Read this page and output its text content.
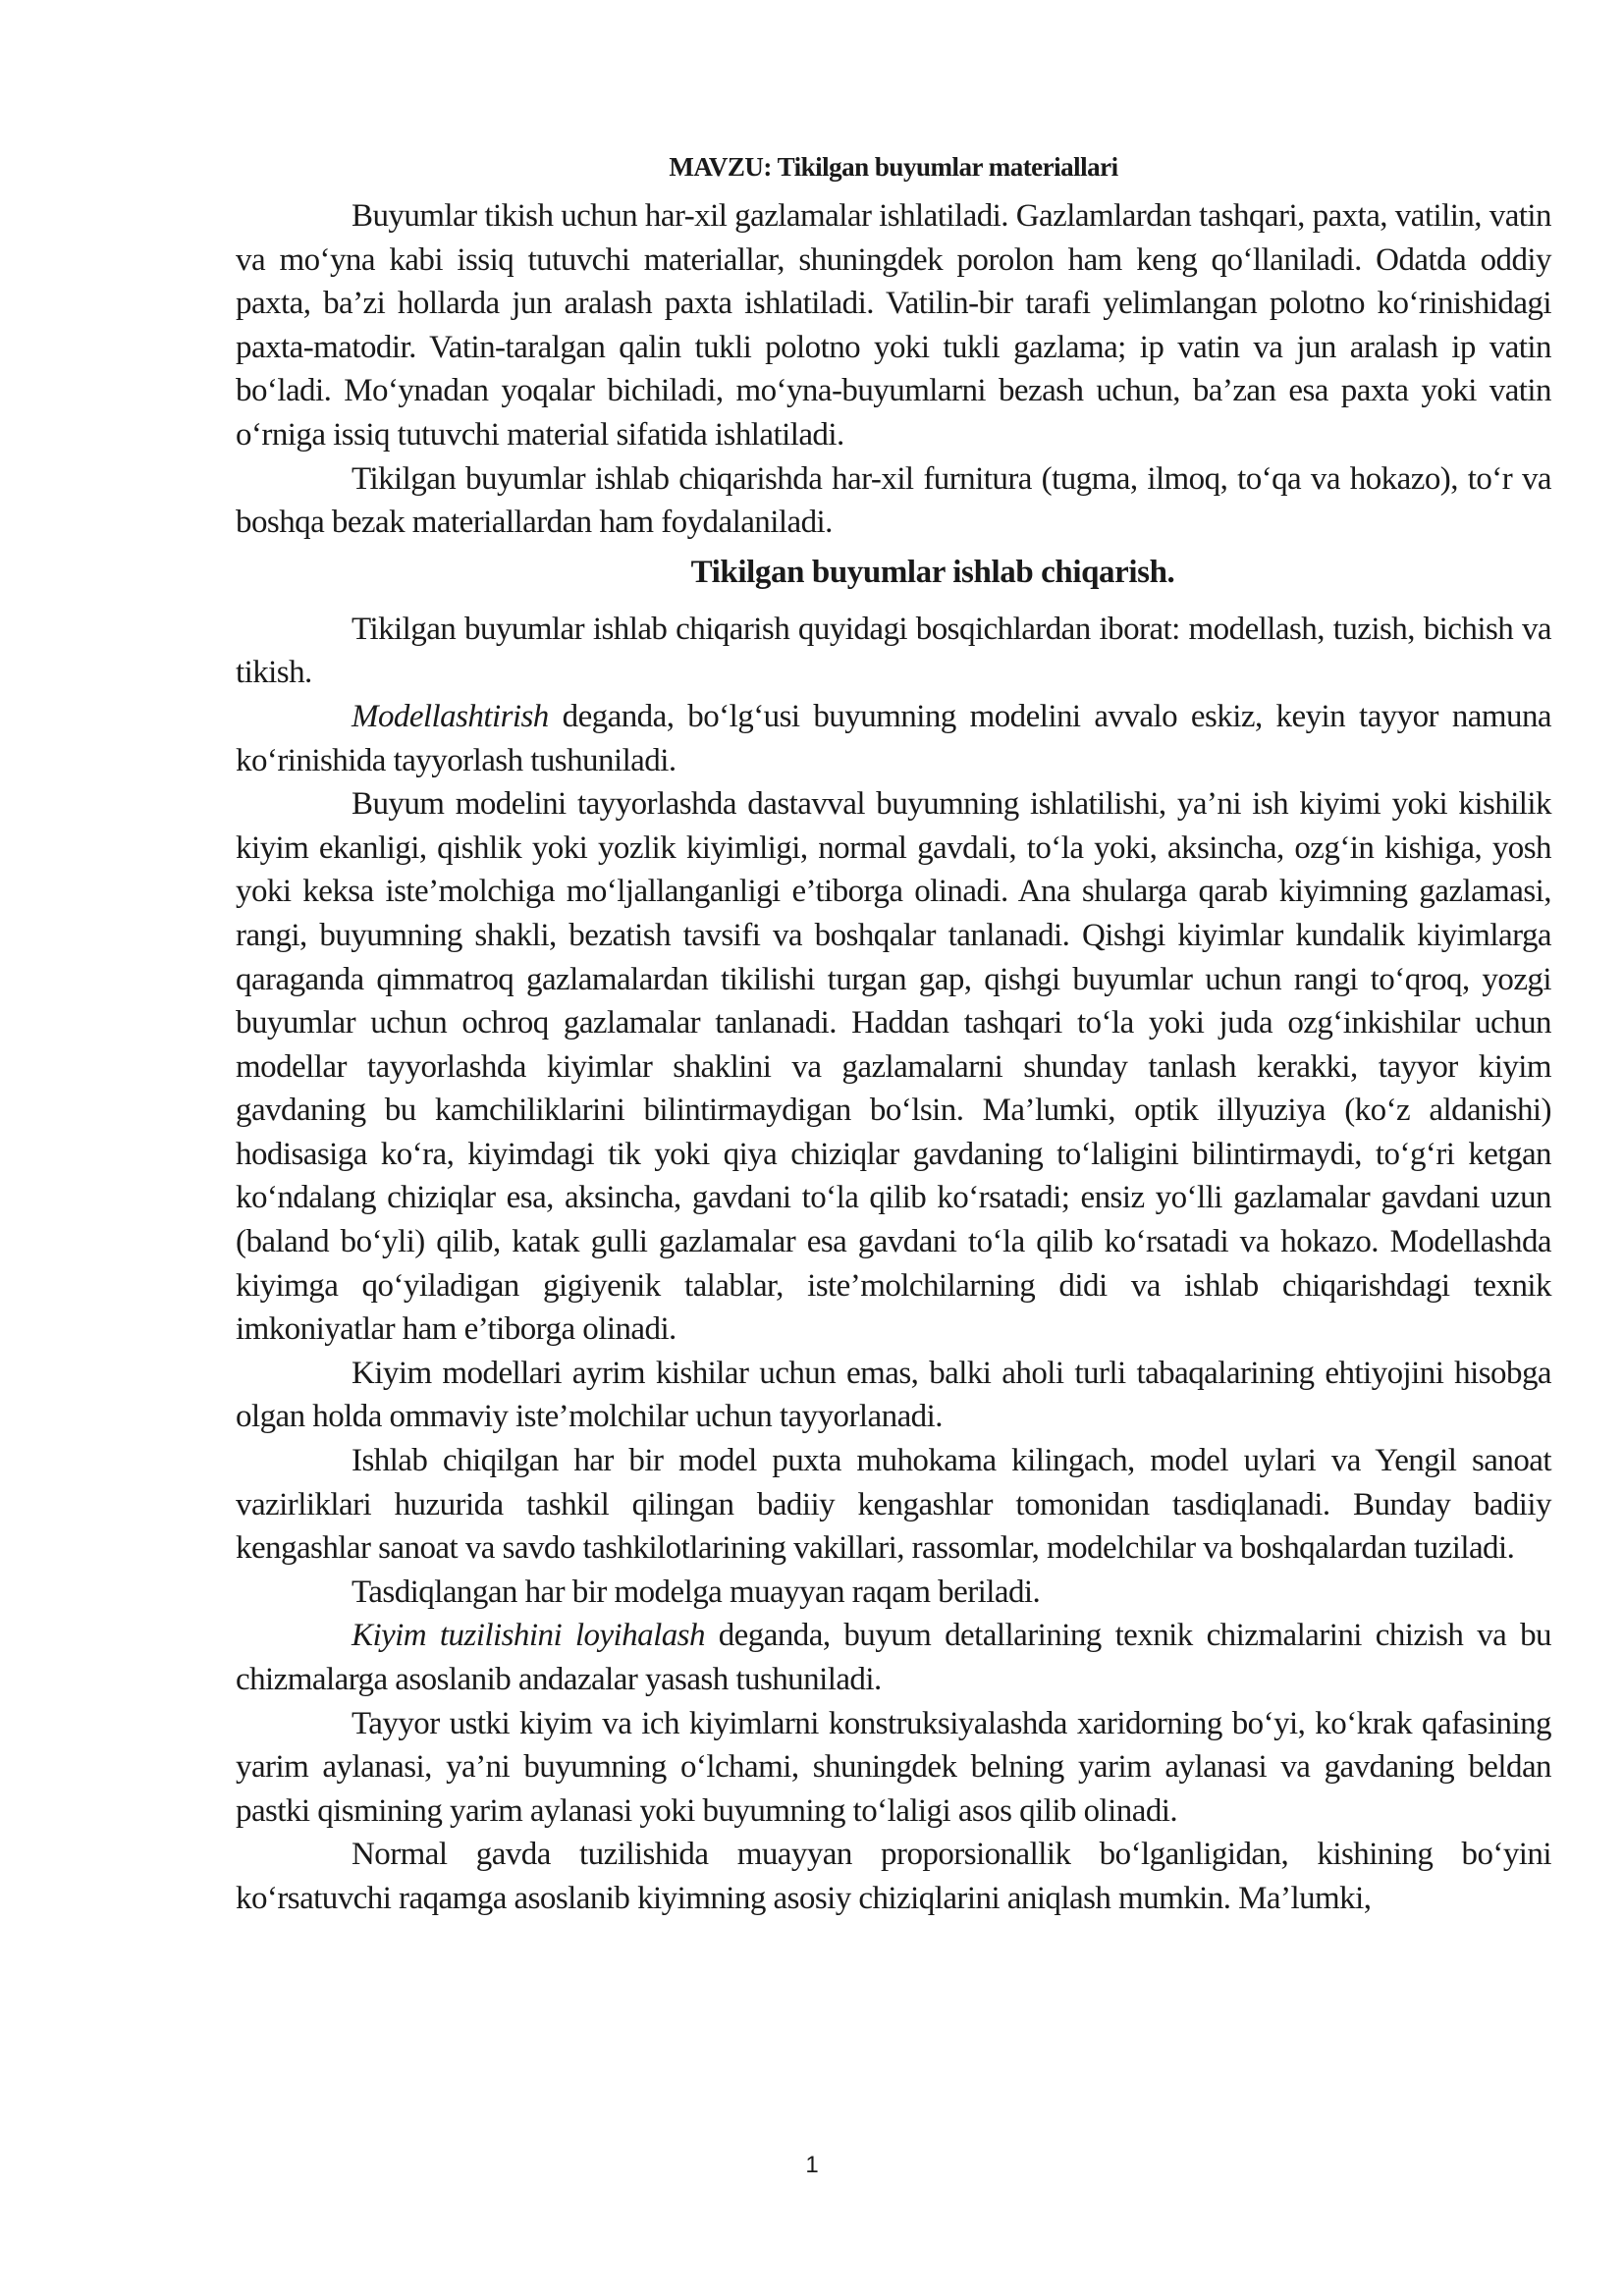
MAVZU: Tikilgan buyumlar materiallari

Buyumlar tikish uchun har-xil gazlamalar ishlatiladi. Gazlamlardan tashqari, paxta, vatilin, vatin va mo‘yna kabi issiq tutuvchi materiallar, shuningdek porolon ham keng qo‘llaniladi. Odatda oddiy paxta, ba’zi hollarda jun aralash paxta ishlatiladi. Vatilin-bir tarafi yelimlangan polotno ko‘rinishidagi paxta-matodir. Vatin-taralgan qalin tukli polotno yoki tukli gazlama; ip vatin va jun aralash ip vatin bo‘ladi. Mo‘ynadan yoqalar bichiladi, mo‘yna-buyumlarni bezash uchun, ba’zan esa paxta yoki vatin o‘rniga issiq tutuvchi material sifatida ishlatiladi.

Tikilgan buyumlar ishlab chiqarishda har-xil furnitura (tugma, ilmoq, to‘qa va hokazo), to‘r va boshqa bezak materiallardan ham foydalaniladi.

Tikilgan buyumlar ishlab chiqarish.

Tikilgan buyumlar ishlab chiqarish quyidagi bosqichlardan iborat: modellash, tuzish, bichish va tikish.

Modellashtirish deganda, bo‘lg‘usi buyumning modelini avvalo eskiz, keyin tayyor namuna ko‘rinishida tayyorlash tushuniladi.

Buyum modelini tayyorlashda dastavval buyumning ishlatilishi, ya’ni ish kiyimi yoki kishilik kiyim ekanligi, qishlik yoki yozlik kiyimligi, normal gavdali, to‘la yoki, aksincha, ozg‘in kishiga, yosh yoki keksa iste’molchiga mo‘ljallanganligi e’tiborga olinadi. Ana shularga qarab kiyimning gazlamasi, rangi, buyumning shakli, bezatish tavsifi va boshqalar tanlanadi. Qishgi kiyimlar kundalik kiyimlarga qaraganda qimmatroq gazlamalardan tikilishi turgan gap, qishgi buyumlar uchun rangi to‘qroq, yozgi buyumlar uchun ochroq gazlamalar tanlanadi. Haddan tashqari to‘la yoki juda ozg‘inkishilar uchun modellar tayyorlashda kiyimlar shaklini va gazlamalarni shunday tanlash kerakki, tayyor kiyim gavdaning bu kamchiliklarini bilintirmaydigan bo‘lsin. Ma’lumki, optik illyuziya (ko‘z aldanishi) hodisasiga ko‘ra, kiyimdagi tik yoki qiya chiziqlar gavdaning to‘laligini bilintirmaydi, to‘g‘ri ketgan ko‘ndalang chiziqlar esa, aksincha, gavdani to‘la qilib ko‘rsatadi; ensiz yo‘lli gazlamalar gavdani uzun (baland bo‘yli) qilib, katak gulli gazlamalar esa gavdani to‘la qilib ko‘rsatadi va hokazo. Modellashda kiyimga qo‘yiladigan gigiyenik talablar, iste’molchilarning didi va ishlab chiqarishdagi texnik imkoniyatlar ham e’tiborga olinadi.

Kiyim modellari ayrim kishilar uchun emas, balki aholi turli tabaqalarining ehtiyojini hisobga olgan holda ommaviy iste’molchilar uchun tayyorlanadi.

Ishlab chiqilgan har bir model puxta muhokama kilingach, model uylari va Yengil sanoat vazirliklari huzurida tashkil qilingan badiiy kengashlar tomonidan tasdiqlanadi. Bunday badiiy kengashlar sanoat va savdo tashkilotlarining vakillari, rassomlar, modelchilar va boshqalardan tuziladi.

Tasdiqlangan har bir modelga muayyan raqam beriladi.

Kiyim tuzilishini loyihalash deganda, buyum detallarining texnik chizmalarini chizish va bu chizmalarga asoslanib andazalar yasash tushuniladi.

Tayyor ustki kiyim va ich kiyimlarni konstruksiyalashda xaridorning bo‘yi, ko‘krak qafasining yarim aylanasi, ya’ni buyumning o‘lchami, shuningdek belning yarim aylanasi va gavdaning beldan pastki qismining yarim aylanasi yoki buyumning to‘laligi asos qilib olinadi.

Normal gavda tuzilishida muayyan proporsionallik bo‘lganligidan, kishining bo‘yini ko‘rsatuvchi raqamga asoslanib kiyimning asosiy chiziqlarini aniqlash mumkin. Ma’lumki,

1
